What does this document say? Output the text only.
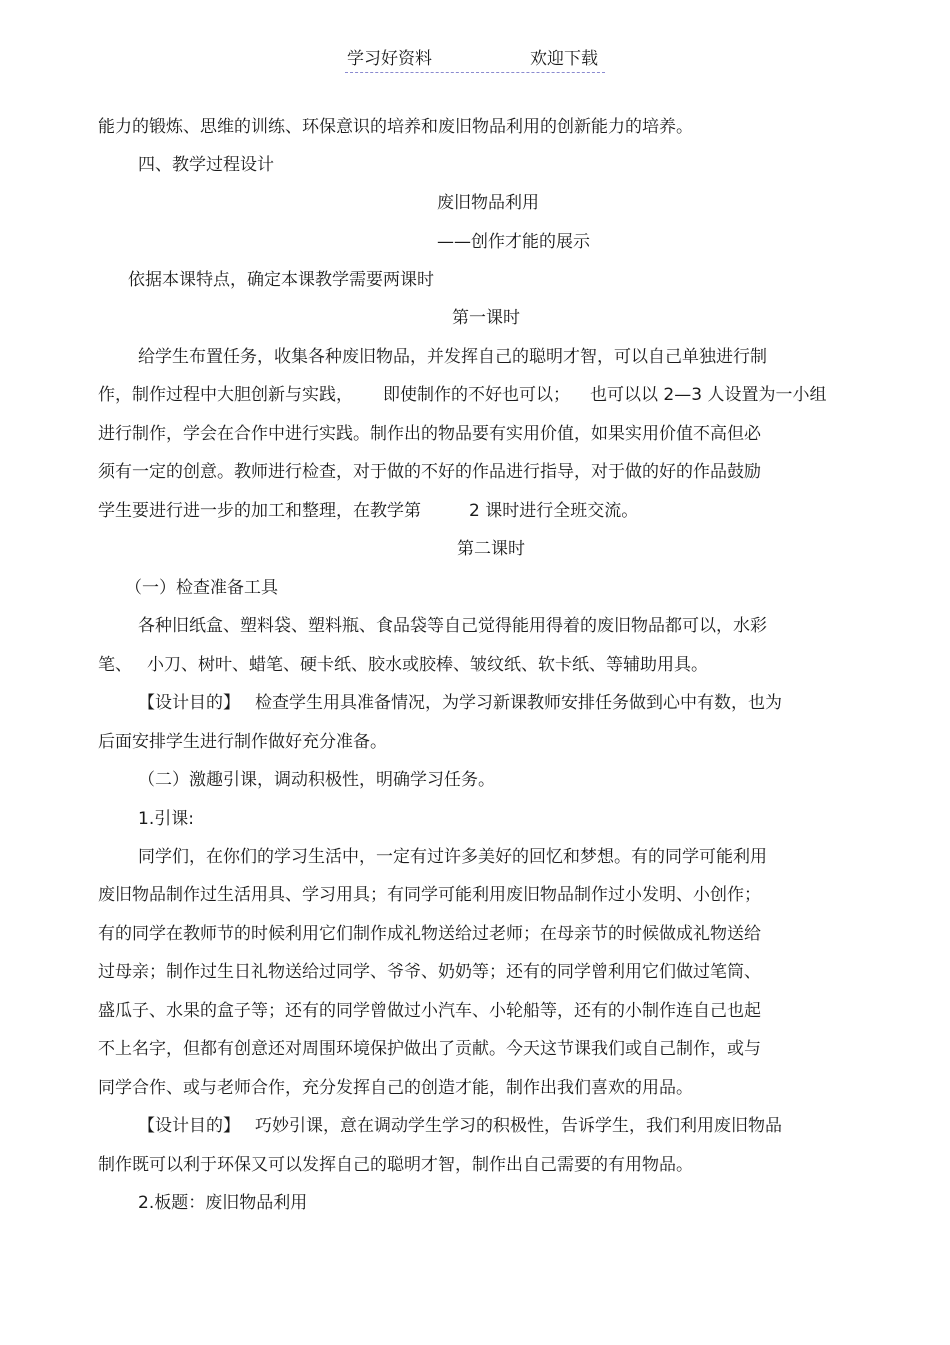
学习好资料	欢迎下载
能力的锻炼、思维的训练、环保意识的培养和废旧物品利用的创新能力的培养。
四、教学过程设计
废旧物品利用
——创作才能的展示
依据本课特点，确定本课教学需要两课时
第一课时
给学生布置任务，收集各种废旧物品，并发挥自己的聪明才智，可以自己单独进行制
作，制作过程中大胆创新与实践， 即使制作的不好也可以； 也可以以 2—3 人设置为一小组
进行制作，学会在合作中进行实践。制作出的物品要有实用价值，如果实用价值不高但必
须有一定的创意。教师进行检查，对于做的不好的作品进行指导，对于做的好的作品鼓励
学生要进行进一步的加工和整理，在教学第	2 课时进行全班交流。
第二课时
（一）检查准备工具
各种旧纸盒、塑料袋、塑料瓶、食品袋等自己觉得能用得着的废旧物品都可以，水彩
笔、 小刀、树叶、蜡笔、硬卡纸、胶水或胶棒、皱纹纸、软卡纸、等辅助用具。
【设计目的】 检查学生用具准备情况，为学习新课教师安排任务做到心中有数，也为
后面安排学生进行制作做好充分准备。
（二）激趣引课，调动积极性，明确学习任务。
1.引课:
同学们，在你们的学习生活中，一定有过许多美好的回忆和梦想。有的同学可能利用
废旧物品制作过生活用具、学习用具；有同学可能利用废旧物品制作过小发明、小创作；
有的同学在教师节的时候利用它们制作成礼物送给过老师；在母亲节的时候做成礼物送给
过母亲；制作过生日礼物送给过同学、爷爷、奶奶等；还有的同学曾利用它们做过笔筒、
盛瓜子、水果的盒子等；还有的同学曾做过小汽车、小轮船等，还有的小制作连自己也起
不上名字，但都有创意还对周围环境保护做出了贡献。今天这节课我们或自己制作，或与
同学合作、或与老师合作，充分发挥自己的创造才能，制作出我们喜欢的用品。
【设计目的】 巧妙引课，意在调动学生学习的积极性，告诉学生，我们利用废旧物品
制作既可以利于环保又可以发挥自己的聪明才智，制作出自己需要的有用物品。
2.板题：废旧物品利用
